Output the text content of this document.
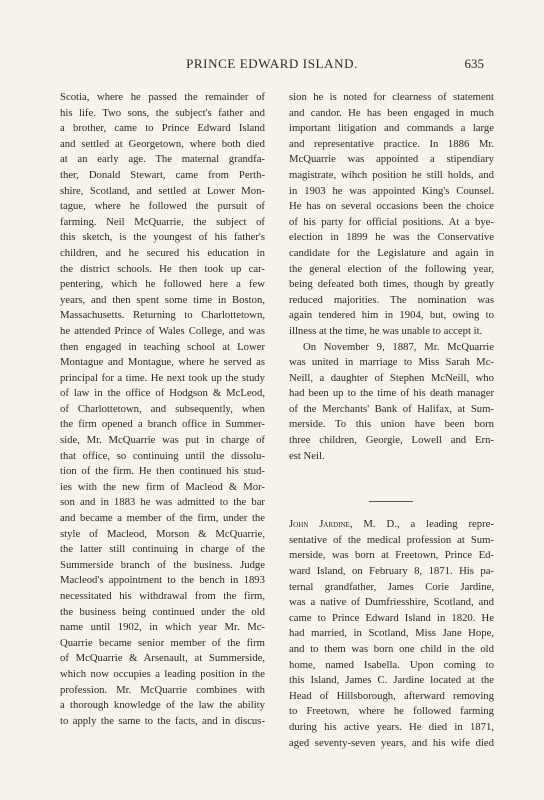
PRINCE EDWARD ISLAND.	635
Scotia, where he passed the remainder of
his life. Two sons, the subject's father and
a brother, came to Prince Edward Island
and settled at Georgetown, where both died
at an early age. The maternal grandfa-
ther, Donald Stewart, came from Perth-
shire, Scotland, and settled at Lower Mon-
tague, where he followed the pursuit of
farming. Neil McQuarrie, the subject of
this sketch, is the youngest of his father's
children, and he secured his education in
the district schools. He then took up car-
pentering, which he followed here a few
years, and then spent some time in Boston,
Massachusetts. Returning to Charlottetown,
he attended Prince of Wales College, and was
then engaged in teaching school at Lower
Montague and Montague, where he served as
principal for a time. He next took up the study
of law in the office of Hodgson & McLeod,
of Charlottetown, and subsequently, when
the firm opened a branch office in Summer-
side, Mr. McQuarrie was put in charge of
that office, so continuing until the dissolu-
tion of the firm. He then continued his stud-
ies with the new firm of Macleod & Mor-
son and in 1883 he was admitted to the bar
and became a member of the firm, under the
style of Macleod, Morson & McQuarrie,
the latter still continuing in charge of the
Summerside branch of the business. Judge
Macleod's appointment to the bench in 1893
necessitated his withdrawal from the firm,
the business being continued under the old
name until 1902, in which year Mr. Mc-
Quarrie became senior member of the firm
of McQuarrie & Arsenault, at Summerside,
which now occupies a leading position in the
profession. Mr. McQuarrie combines with
a thorough knowledge of the law the ability
to apply the same to the facts, and in discus-
sion he is noted for clearness of statement
and candor. He has been engaged in much
important litigation and commands a large
and representative practice. In 1886 Mr.
McQuarrie was appointed a stipendiary
magistrate, wihch position he still holds, and
in 1903 he was appointed King's Counsel.
He has on several occasions been the choice
of his party for official positions. At a bye-
election in 1899 he was the Conservative
candidate for the Legislature and again in
the general election of the following year,
being defeated both times, though by greatly
reduced majorities. The nomination was
again tendered him in 1904, but, owing to
illness at the time, he was unable to accept it.
On November 9, 1887, Mr. McQuarrie
was united in marriage to Miss Sarah Mc-
Neill, a daughter of Stephen McNeill, who
had been up to the time of his death manager
of the Merchants' Bank of Halifax, at Sum-
merside. To this union have been born
three children, Georgie, Lowell and Ern-
est Neil.
John Jardine, M. D., a leading repre-
sentative of the medical profession at Sum-
merside, was born at Freetown, Prince Ed-
ward Island, on February 8, 1871. His pa-
ternal grandfather, James Corie Jardine,
was a native of Dumfriesshire, Scotland, and
came to Prince Edward Island in 1820. He
had married, in Scotland, Miss Jane Hope,
and to them was born one child in the old
home, named Isabella. Upon coming to
this Island, James C. Jardine located at the
Head of Hillsborough, afterward removing
to Freetown, where he followed farming
during his active years. He died in 1871,
aged seventy-seven years, and his wife died
